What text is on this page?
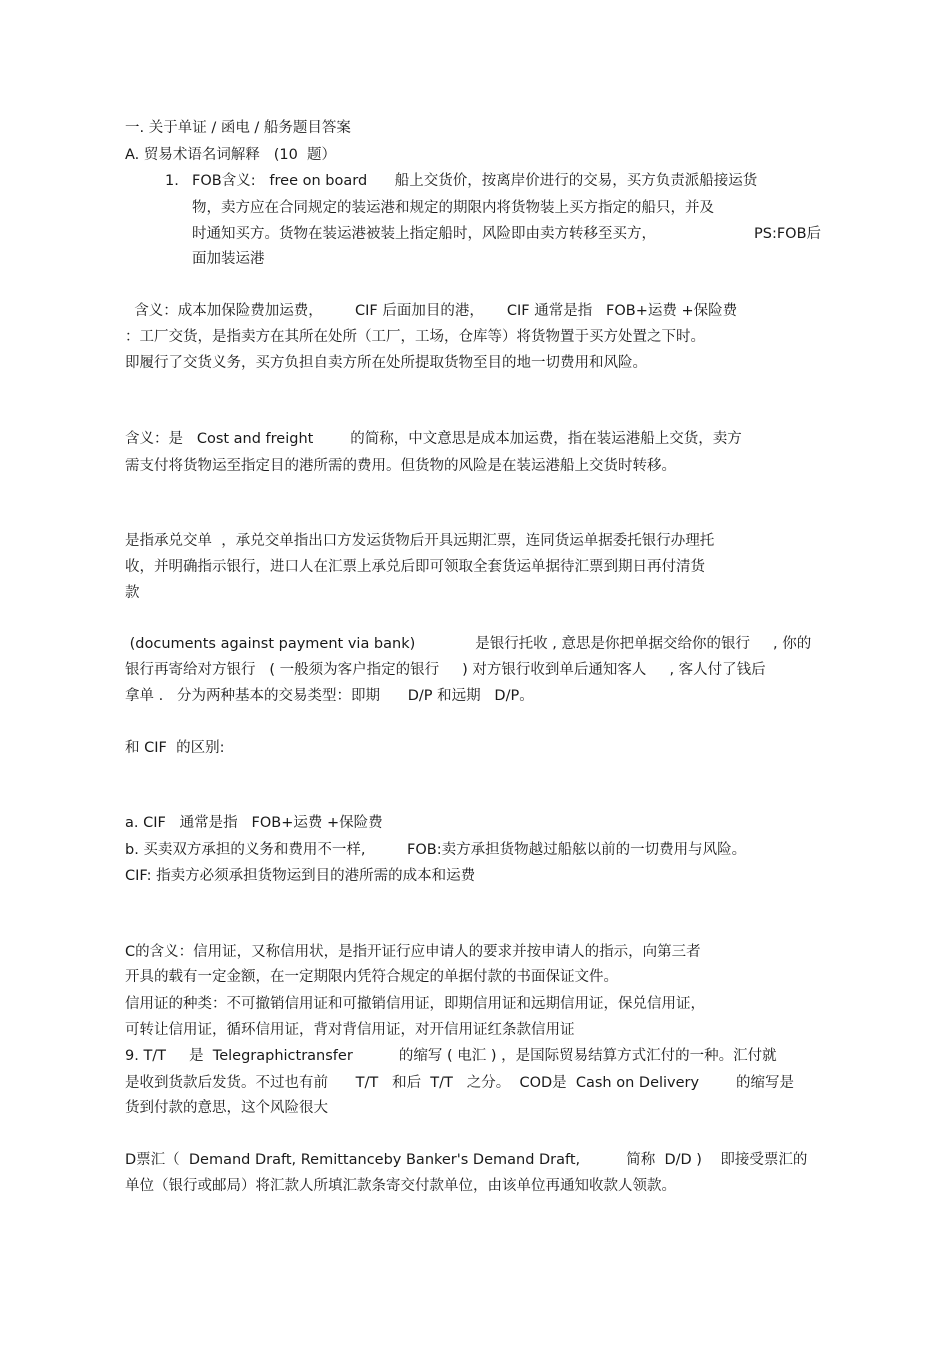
一. 关于单证 / 函电 / 船务题目答案
A. 贸易术语名词解释   (10  题）
1. FOB含义:   free on board      船上交货价，按离岸价进行的交易，买方负责派船接运货
物，卖方应在合同规定的装运港和规定的期限内将货物装上买方指定的船只，并及
时通知买方。货物在装运港被装上指定船时，风险即由卖方转移至买方，	PS:FOB后
面加装运港
含义：成本加保险费加运费，       CIF 后面加目的港，     CIF 通常是指   FOB+运费 +保险费
：工厂交货，是指卖方在其所在处所（工厂，工场，仓库等）将货物置于买方处置之下时。
即履行了交货义务，买方负担自卖方所在处所提取货物至目的地一切费用和风险。
含义：是   Cost and freight        的简称，中文意思是成本加运费，指在装运港船上交货，卖方
需支付将货物运至指定目的港所需的费用。但货物的风险是在装运港船上交货时转移。
是指承兑交单  ，承兑交单指出口方发运货物后开具远期汇票，连同货运单据委托银行办理托
收，并明确指示银行，进口人在汇票上承兑后即可领取全套货运单据待汇票到期日再付清货
款
(documents against payment via bank)             是银行托收 , 意思是你把单据交给你的银行     , 你的
银行再寄给对方银行   ( 一般须为客户指定的银行     ) 对方银行收到单后通知客人     , 客人付了钱后
拿单 .   分为两种基本的交易类型：即期      D/P 和远期   D/P。
和 CIF  的区别:
a. CIF   通常是指   FOB+运费 +保险费
b. 买卖双方承担的义务和费用不一样,         FOB:卖方承担货物越过船舷以前的一切费用与风险。
CIF: 指卖方必须承担货物运到目的港所需的成本和运费
C的含义：信用证，又称信用状，是指开证行应申请人的要求并按申请人的指示，向第三者
开具的载有一定金额，在一定期限内凭符合规定的单据付款的书面保证文件。
信用证的种类：不可撤销信用证和可撤销信用证，即期信用证和远期信用证，保兑信用证，
可转让信用证，循环信用证，背对背信用证，对开信用证红条款信用证
9. T/T     是  Telegraphictransfer          的缩写 ( 电汇 ) ，是国际贸易结算方式汇付的一种。汇付就
是收到货款后发货。不过也有前      T/T   和后  T/T   之分。  COD是  Cash on Delivery        的缩写是
货到付款的意思，这个风险很大
D票汇（  Demand Draft, Remittanceby Banker's Demand Draft,          简称  D/D )    即接受票汇的
单位（银行或邮局）将汇款人所填汇款条寄交付款单位，由该单位再通知收款人领款。
